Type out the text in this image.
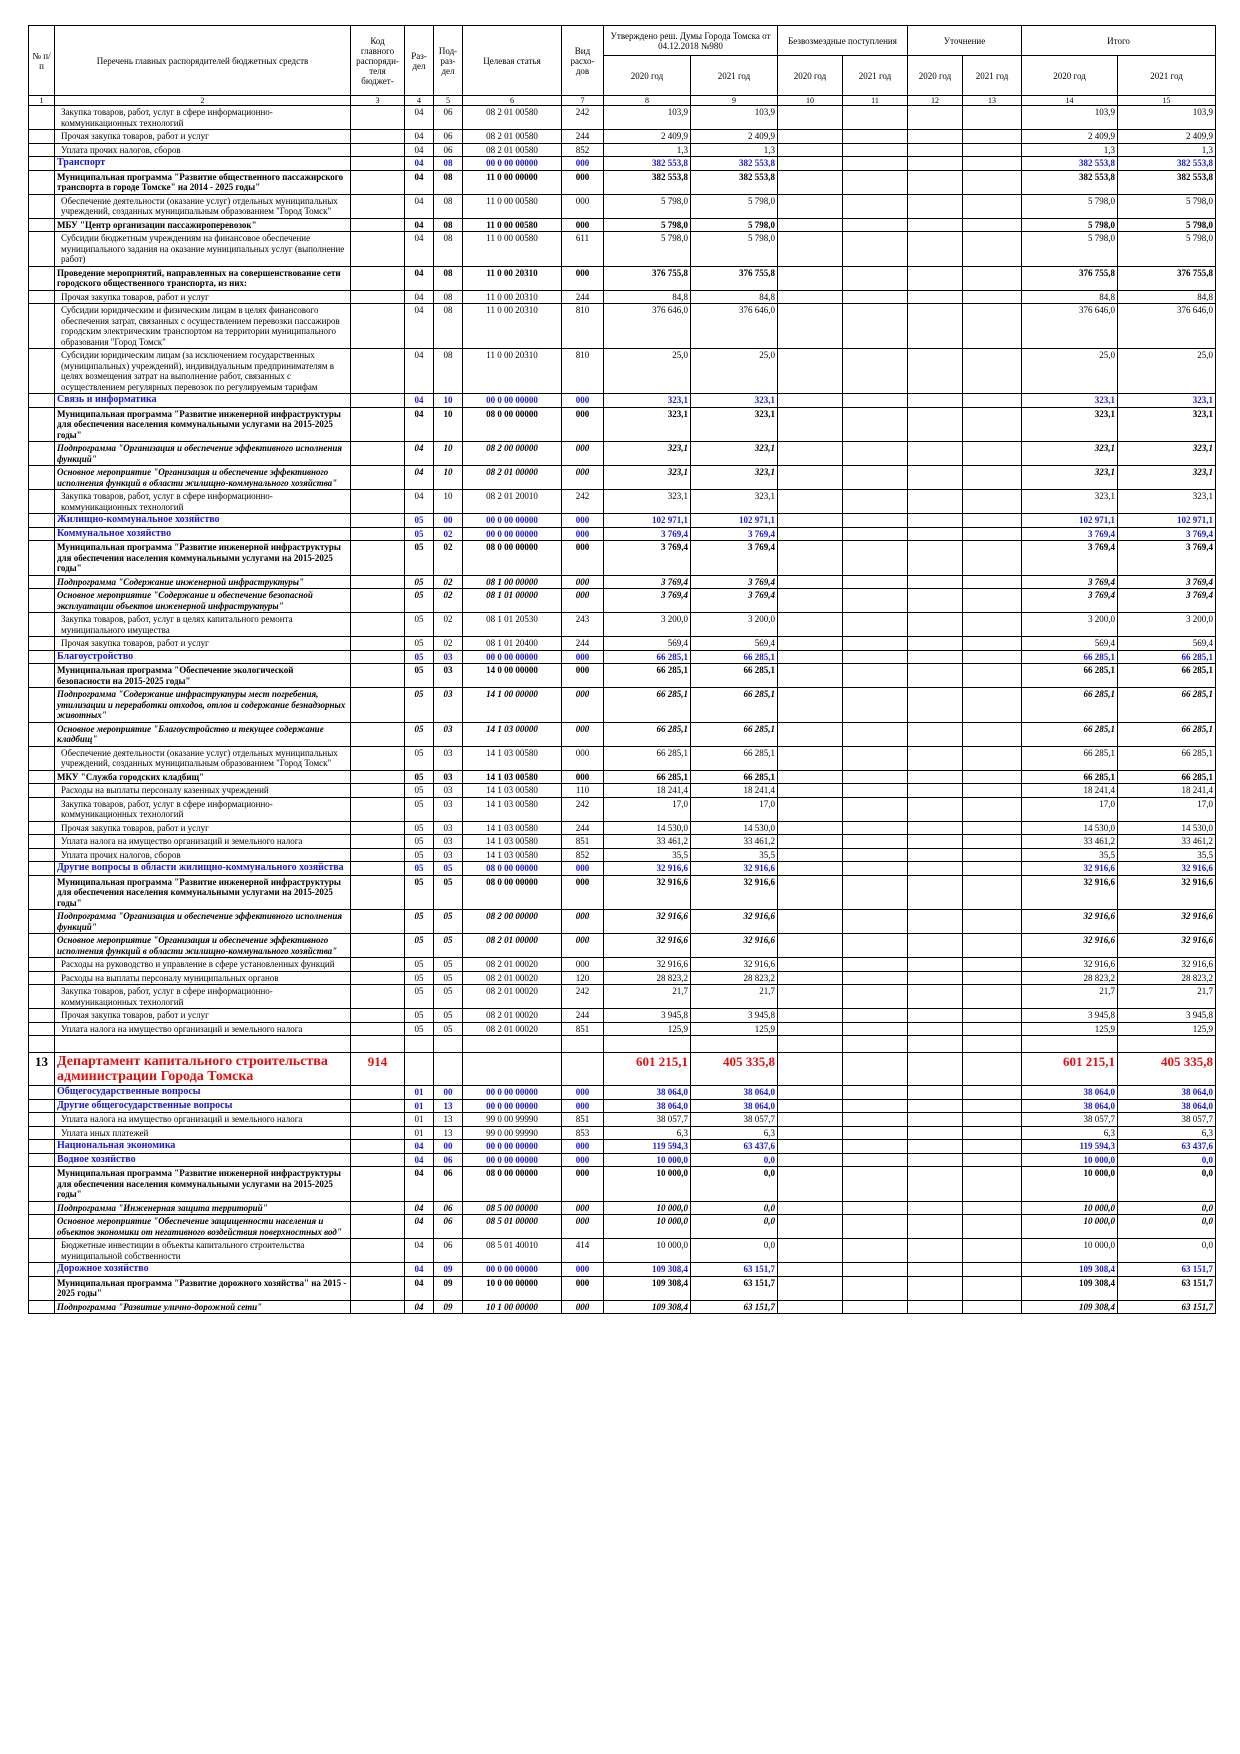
№ п/п	Перечень главных распорядителей бюджетных средств	Код главного распоряди-теля бюджет-	Раз-дел	Под-раз-дел	Целевая статья	Вид расхо-дов	Утверждено реш. Думы Города Томска от 04.12.2018 №980		Безвозмездные поступления		Уточнение		Итого	
							2020 год	2021 год	2020 год	2021 год	2020 год	2021 год	2020 год	2021 год
1	2	3	4	5	6	7	8	9	10	11	12	13	14	15
	Закупка товаров, работ, услуг в сфере информационно-коммуникационных технологий		04	06	08 2 01 00580	242	103,9	103,9					103,9	103,9
	Прочая закупка товаров, работ и услуг		04	06	08 2 01 00580	244	2 409,9	2 409,9					2 409,9	2 409,9
	Уплата прочих налогов, сборов		04	06	08 2 01 00580	852	1,3	1,3					1,3	1,3
	Транспорт		04	08	00 0 00 00000	000	382 553,8	382 553,8					382 553,8	382 553,8
	Муниципальная программа "Развитие общественного пассажирского транспорта в городе Томске" на 2014 - 2025 годы"		04	08	11 0 00 00000	000	382 553,8	382 553,8					382 553,8	382 553,8
	Обеспечение деятельности (оказание услуг) отдельных муниципальных учреждений, созданных муниципальным образованием "Город Томск"		04	08	11 0 00 00580	000	5 798,0	5 798,0					5 798,0	5 798,0
	МБУ "Центр организации пассажироперевозок"		04	08	11 0 00 00580	000	5 798,0	5 798,0					5 798,0	5 798,0
	Субсидии бюджетным учреждениям на финансовое обеспечение муниципального задания на оказание муниципальных услуг (выполнение работ)		04	08	11 0 00 00580	611	5 798,0	5 798,0					5 798,0	5 798,0
	Проведение мероприятий, направленных на совершенствование сети городского общественного транспорта, из них:		04	08	11 0 00 20310	000	376 755,8	376 755,8					376 755,8	376 755,8
	Прочая закупка товаров, работ и услуг		04	08	11 0 00 20310	244	84,8	84,8					84,8	84,8
	Субсидии юридическим и физическим лицам в целях финансового обеспечения затрат, связанных с осуществлением перевозки пассажиров городским электрическим транспортом на территории муниципального образования "Город Томск"		04	08	11 0 00 20310	810	376 646,0	376 646,0					376 646,0	376 646,0
	Субсидии юридическим лицам (за исключением государственных (муниципальных) учреждений), индивидуальным предпринимателям в целях возмещения затрат на выполнение работ, связанных с осуществлением регулярных перевозок по регулируемым тарифам		04	08	11 0 00 20310	810	25,0	25,0					25,0	25,0
	Связь и информатика		04	10	00 0 00 00000	000	323,1	323,1					323,1	323,1
	Муниципальная программа "Развитие инженерной инфраструктуры для обеспечения населения коммунальными услугами на 2015-2025 годы"		04	10	08 0 00 00000	000	323,1	323,1					323,1	323,1
	Подпрограмма "Организация и обеспечение эффективного исполнения функций"		04	10	08 2 00 00000	000	323,1	323,1					323,1	323,1
	Основное мероприятие "Организация и обеспечение эффективного исполнения функций в области жилищно-коммунального хозяйства"		04	10	08 2 01 00000	000	323,1	323,1					323,1	323,1
	Закупка товаров, работ, услуг в сфере информационно-коммуникационных технологий		04	10	08 2 01 20010	242	323,1	323,1					323,1	323,1
	Жилищно-коммунальное хозяйство		05	00	00 0 00 00000	000	102 971,1	102 971,1					102 971,1	102 971,1
	Коммунальное хозяйство		05	02	00 0 00 00000	000	3 769,4	3 769,4					3 769,4	3 769,4
	Муниципальная программа "Развитие инженерной инфраструктуры для обеспечения населения коммунальными услугами на 2015-2025 годы"		05	02	08 0 00 00000	000	3 769,4	3 769,4					3 769,4	3 769,4
	Подпрограмма "Содержание инженерной инфраструктуры"		05	02	08 1 00 00000	000	3 769,4	3 769,4					3 769,4	3 769,4
	Основное мероприятие "Содержание и обеспечение безопасной эксплуатации объектов инженерной инфраструктуры"		05	02	08 1 01 00000	000	3 769,4	3 769,4					3 769,4	3 769,4
	Закупка товаров, работ, услуг в целях капитального ремонта муниципального имущества		05	02	08 1 01 20530	243	3 200,0	3 200,0					3 200,0	3 200,0
	Прочая закупка товаров, работ и услуг		05	02	08 1 01 20400	244	569,4	569,4					569,4	569,4
	Благоустройство		05	03	00 0 00 00000	000	66 285,1	66 285,1					66 285,1	66 285,1
	Муниципальная программа "Обеспечение экологической безопасности на 2015-2025 годы"		05	03	14 0 00 00000	000	66 285,1	66 285,1					66 285,1	66 285,1
	Подпрограмма "Содержание инфраструктуры мест погребения, утилизации и переработки отходов, отлов и содержание безнадзорных животных"		05	03	14 1 00 00000	000	66 285,1	66 285,1					66 285,1	66 285,1
	Основное мероприятие "Благоустройство и текущее содержание кладбищ"		05	03	14 1 03 00000	000	66 285,1	66 285,1					66 285,1	66 285,1
	Обеспечение деятельности (оказание услуг) отдельных муниципальных учреждений, созданных муниципальным образованием "Город Томск"		05	03	14 1 03 00580	000	66 285,1	66 285,1					66 285,1	66 285,1
	МКУ "Служба городских кладбищ"		05	03	14 1 03 00580	000	66 285,1	66 285,1					66 285,1	66 285,1
	Расходы на выплаты персоналу казенных учреждений		05	03	14 1 03 00580	110	18 241,4	18 241,4					18 241,4	18 241,4
	Закупка товаров, работ, услуг в сфере информационно-коммуникационных технологий		05	03	14 1 03 00580	242	17,0	17,0					17,0	17,0
	Прочая закупка товаров, работ и услуг		05	03	14 1 03 00580	244	14 530,0	14 530,0					14 530,0	14 530,0
	Уплата налога на имущество организаций и земельного налога		05	03	14 1 03 00580	851	33 461,2	33 461,2					33 461,2	33 461,2
	Уплата прочих налогов, сборов		05	03	14 1 03 00580	852	35,5	35,5					35,5	35,5
	Другие вопросы в области жилищно-коммунального хозяйства		05	05	08 0 00 00000	000	32 916,6	32 916,6					32 916,6	32 916,6
	Муниципальная программа "Развитие инженерной инфраструктуры для обеспечения населения коммунальными услугами на 2015-2025 годы"		05	05	08 0 00 00000	000	32 916,6	32 916,6					32 916,6	32 916,6
	Подпрограмма "Организация и обеспечение эффективного исполнения функций"		05	05	08 2 00 00000	000	32 916,6	32 916,6					32 916,6	32 916,6
	Основное мероприятие "Организация и обеспечение эффективного исполнения функций в области жилищно-коммунального хозяйства"		05	05	08 2 01 00000	000	32 916,6	32 916,6					32 916,6	32 916,6
	Расходы на руководство и управление в сфере установленных функций		05	05	08 2 01 00020	000	32 916,6	32 916,6					32 916,6	32 916,6
	Расходы на выплаты персоналу муниципальных органов		05	05	08 2 01 00020	120	28 823,2	28 823,2					28 823,2	28 823,2
	Закупка товаров, работ, услуг в сфере информационно-коммуникационных технологий		05	05	08 2 01 00020	242	21,7	21,7					21,7	21,7
	Прочая закупка товаров, работ и услуг		05	05	08 2 01 00020	244	3 945,8	3 945,8					3 945,8	3 945,8
	Уплата налога на имущество организаций и земельного налога		05	05	08 2 01 00020	851	125,9	125,9					125,9	125,9

13	Департамент капитального строительства администрации Города Томска	914					601 215,1	405 335,8					601 215,1	405 335,8
	Общегосударственные вопросы		01	00	00 0 00 00000	000	38 064,0	38 064,0					38 064,0	38 064,0
	Другие общегосударственные вопросы		01	13	00 0 00 00000	000	38 064,0	38 064,0					38 064,0	38 064,0
	Уплата налога на имущество организаций и земельного налога		01	13	99 0 00 99990	851	38 057,7	38 057,7					38 057,7	38 057,7
	Уплата иных платежей		01	13	99 0 00 99990	853	6,3	6,3					6,3	6,3
	Национальная экономика		04	00	00 0 00 00000	000	119 594,3	63 437,6					119 594,3	63 437,6
	Водное хозяйство		04	06	00 0 00 00000	000	10 000,0	0,0					10 000,0	0,0
	Муниципальная программа "Развитие инженерной инфраструктуры для обеспечения населения коммунальными услугами на 2015-2025 годы"		04	06	08 0 00 00000	000	10 000,0	0,0					10 000,0	0,0
	Подпрограмма "Инженерная защита территорий"		04	06	08 5 00 00000	000	10 000,0	0,0					10 000,0	0,0
	Основное мероприятие "Обеспечение защищенности населения и объектов экономики от негативного воздействия поверхностных вод"		04	06	08 5 01 00000	000	10 000,0	0,0					10 000,0	0,0
	Бюджетные инвестиции в объекты капитального строительства муниципальной собственности		04	06	08 5 01 40010	414	10 000,0	0,0					10 000,0	0,0
	Дорожное хозяйство		04	09	00 0 00 00000	000	109 308,4	63 151,7					109 308,4	63 151,7
	Муниципальная программа "Развитие дорожного хозяйства" на 2015 - 2025 годы"		04	09	10 0 00 00000	000	109 308,4	63 151,7					109 308,4	63 151,7
	Подпрограмма "Развитие улично-дорожной сети"		04	09	10 1 00 00000	000	109 308,4	63 151,7					109 308,4	63 151,7
